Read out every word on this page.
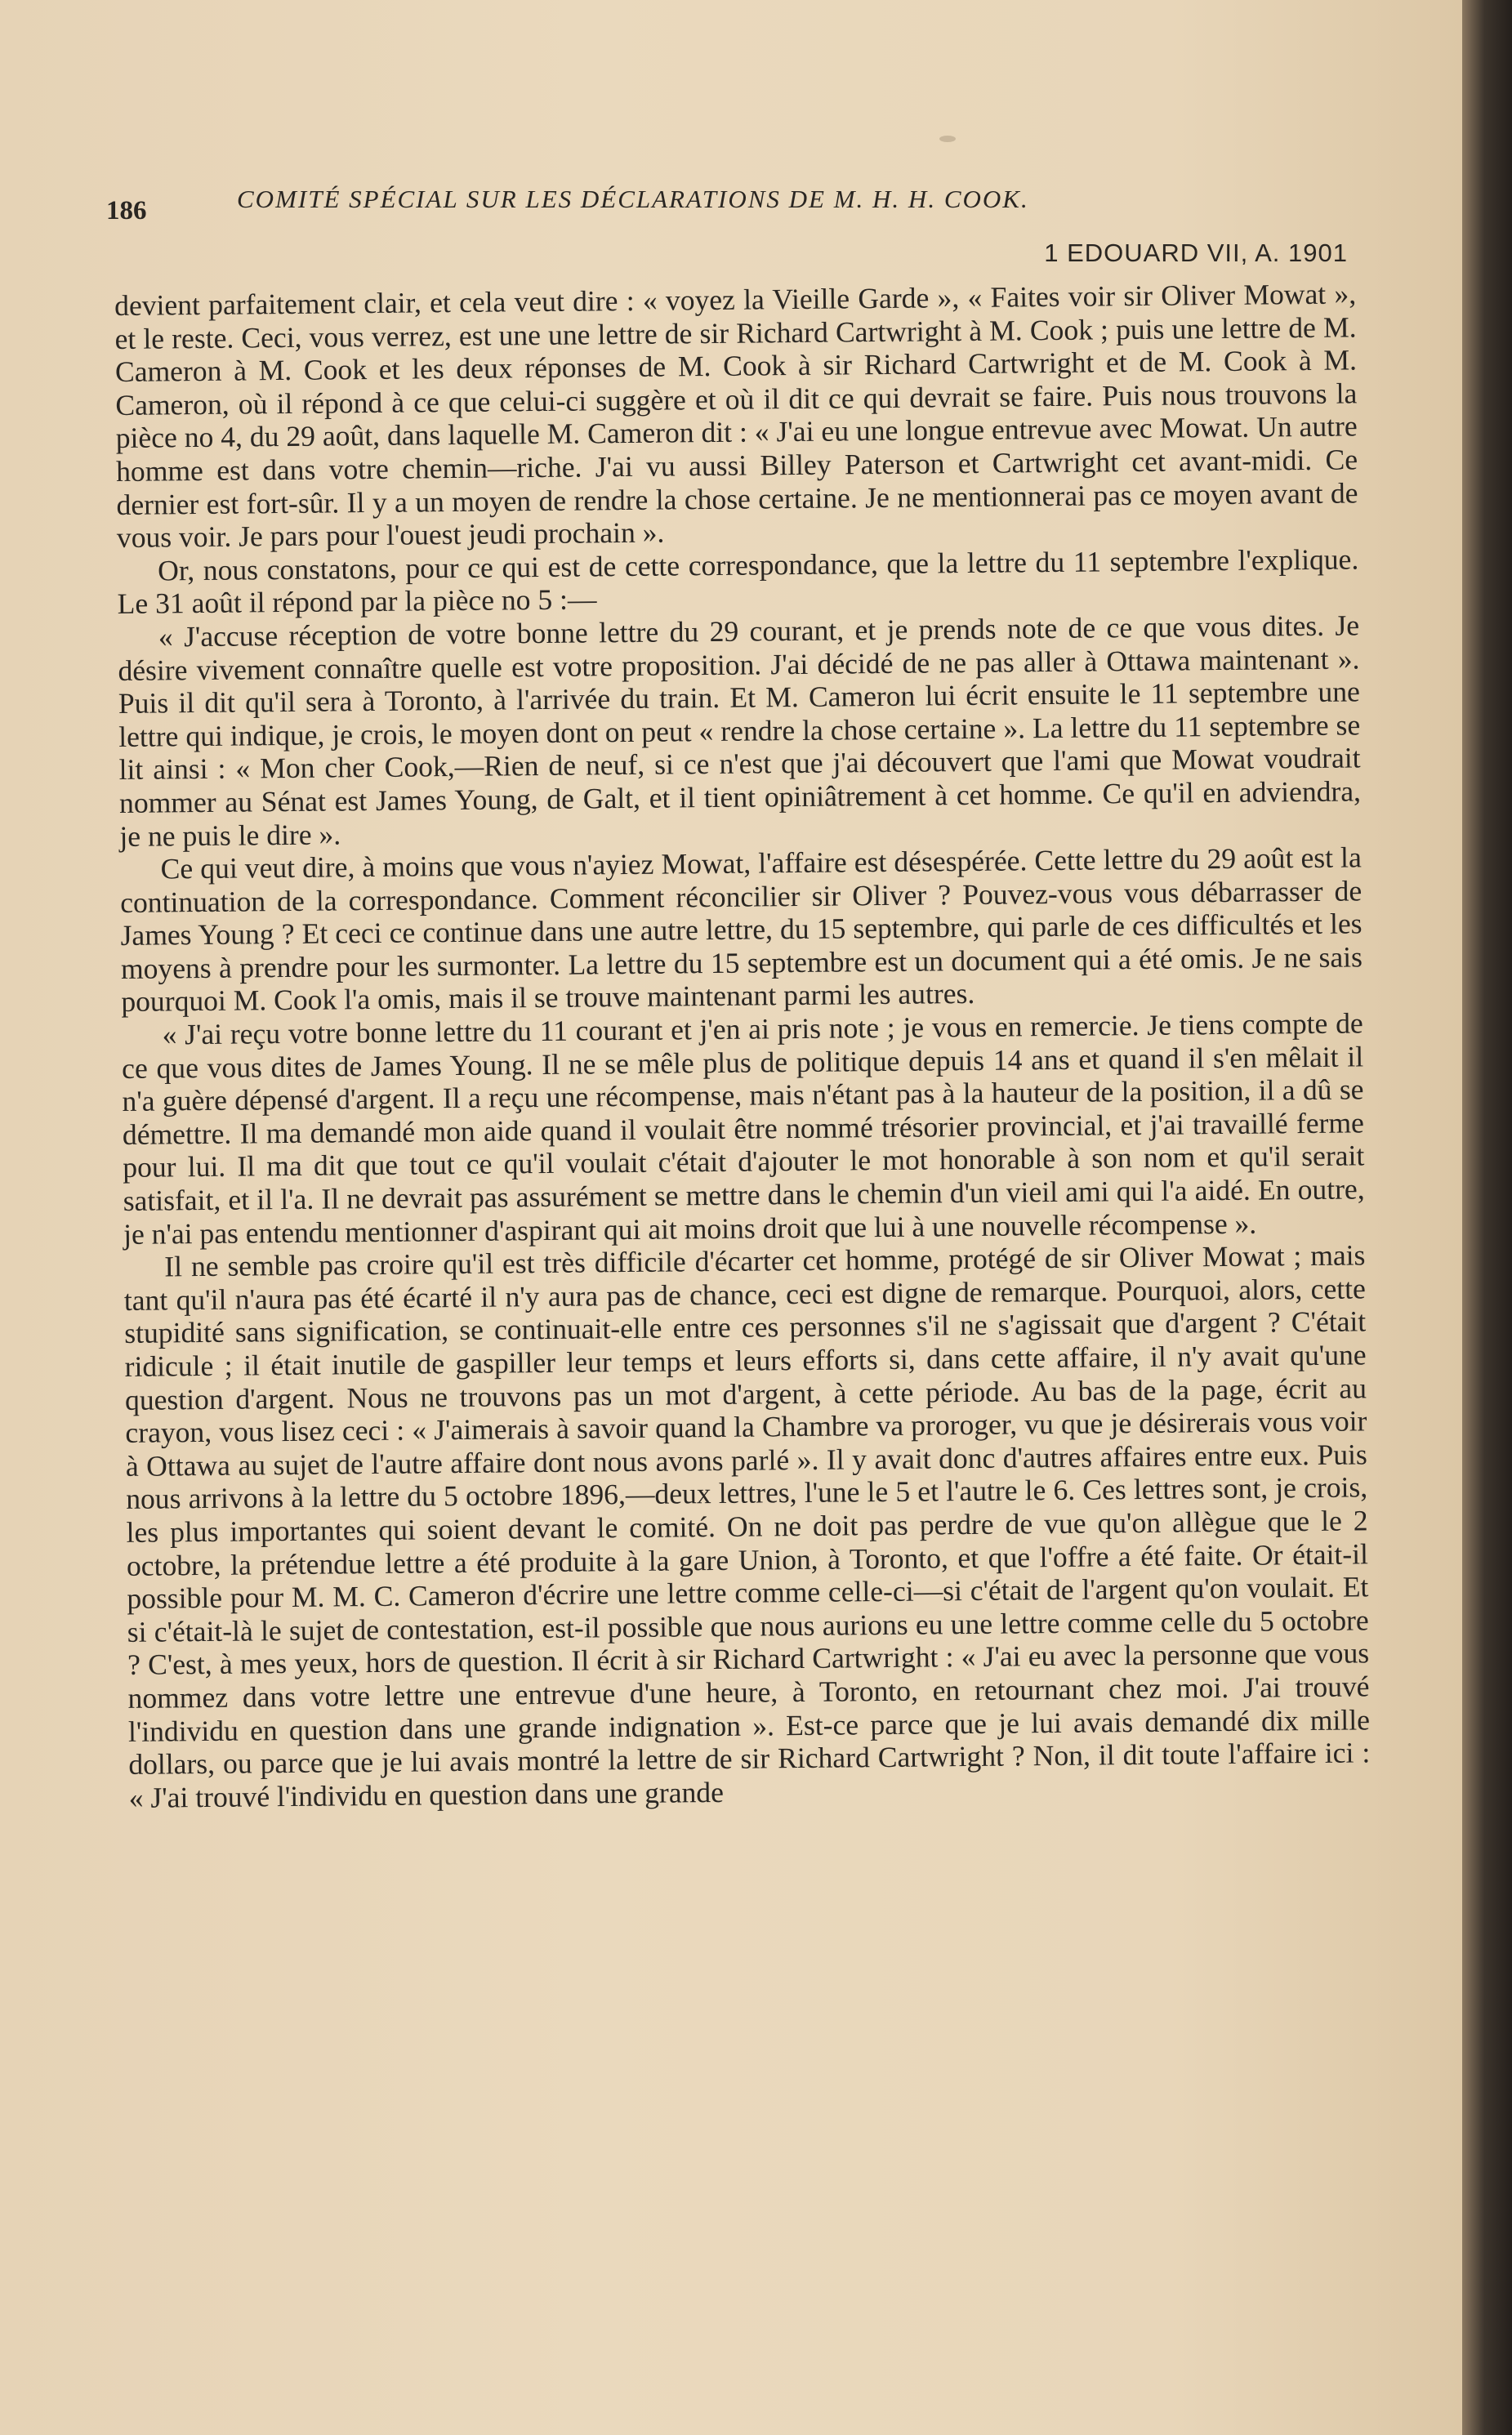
186	COMITÉ SPÉCIAL SUR LES DÉCLARATIONS DE M. H. H. COOK.
1 EDOUARD VII, A. 1901

devient parfaitement clair, et cela veut dire : « voyez la Vieille Garde », « Faites voir sir Oliver Mowat », et le reste. Ceci, vous verrez, est une une lettre de sir Richard Cartwright à M. Cook ; puis une lettre de M. Cameron à M. Cook et les deux réponses de M. Cook à sir Richard Cartwright et de M. Cook à M. Cameron, où il répond à ce que celui-ci suggère et où il dit ce qui devrait se faire. Puis nous trouvons la pièce no 4, du 29 août, dans laquelle M. Cameron dit : « J'ai eu une longue entrevue avec Mowat. Un autre homme est dans votre chemin—riche. J'ai vu aussi Billey Paterson et Cartwright cet avant-midi. Ce dernier est fort-sûr. Il y a un moyen de rendre la chose certaine. Je ne mentionnerai pas ce moyen avant de vous voir. Je pars pour l'ouest jeudi prochain ».

Or, nous constatons, pour ce qui est de cette correspondance, que la lettre du 11 septembre l'explique. Le 31 août il répond par la pièce no 5 :—

« J'accuse réception de votre bonne lettre du 29 courant, et je prends note de ce que vous dites. Je désire vivement connaître quelle est votre proposition. J'ai décidé de ne pas aller à Ottawa maintenant ». Puis il dit qu'il sera à Toronto, à l'arrivée du train. Et M. Cameron lui écrit ensuite le 11 septembre une lettre qui indique, je crois, le moyen dont on peut « rendre la chose certaine ». La lettre du 11 septembre se lit ainsi : « Mon cher Cook,—Rien de neuf, si ce n'est que j'ai découvert que l'ami que Mowat voudrait nommer au Sénat est James Young, de Galt, et il tient opiniâtrement à cet homme. Ce qu'il en adviendra, je ne puis le dire ».

Ce qui veut dire, à moins que vous n'ayiez Mowat, l'affaire est désespérée. Cette lettre du 29 août est la continuation de la correspondance. Comment réconcilier sir Oliver ? Pouvez-vous vous débarrasser de James Young ? Et ceci ce continue dans une autre lettre, du 15 septembre, qui parle de ces difficultés et les moyens à prendre pour les surmonter. La lettre du 15 septembre est un document qui a été omis. Je ne sais pourquoi M. Cook l'a omis, mais il se trouve maintenant parmi les autres.

« J'ai reçu votre bonne lettre du 11 courant et j'en ai pris note ; je vous en remercie. Je tiens compte de ce que vous dites de James Young. Il ne se mêle plus de politique depuis 14 ans et quand il s'en mêlait il n'a guère dépensé d'argent. Il a reçu une récompense, mais n'étant pas à la hauteur de la position, il a dû se démettre. Il ma demandé mon aide quand il voulait être nommé trésorier provincial, et j'ai travaillé ferme pour lui. Il ma dit que tout ce qu'il voulait c'était d'ajouter le mot honorable à son nom et qu'il serait satisfait, et il l'a. Il ne devrait pas assurément se mettre dans le chemin d'un vieil ami qui l'a aidé. En outre, je n'ai pas entendu mentionner d'aspirant qui ait moins droit que lui à une nouvelle récompense ».

Il ne semble pas croire qu'il est très difficile d'écarter cet homme, protégé de sir Oliver Mowat ; mais tant qu'il n'aura pas été écarté il n'y aura pas de chance, ceci est digne de remarque. Pourquoi, alors, cette stupidité sans signification, se continuait-elle entre ces personnes s'il ne s'agissait que d'argent ? C'était ridicule ; il était inutile de gaspiller leur temps et leurs efforts si, dans cette affaire, il n'y avait qu'une question d'argent. Nous ne trouvons pas un mot d'argent, à cette période. Au bas de la page, écrit au crayon, vous lisez ceci : « J'aimerais à savoir quand la Chambre va proroger, vu que je désirerais vous voir à Ottawa au sujet de l'autre affaire dont nous avons parlé ». Il y avait donc d'autres affaires entre eux. Puis nous arrivons à la lettre du 5 octobre 1896,—deux lettres, l'une le 5 et l'autre le 6. Ces lettres sont, je crois, les plus importantes qui soient devant le comité. On ne doit pas perdre de vue qu'on allègue que le 2 octobre, la prétendue lettre a été produite à la gare Union, à Toronto, et que l'offre a été faite. Or était-il possible pour M. M. C. Cameron d'écrire une lettre comme celle-ci—si c'était de l'argent qu'on voulait. Et si c'était-là le sujet de contestation, est-il possible que nous aurions eu une lettre comme celle du 5 octobre ? C'est, à mes yeux, hors de question. Il écrit à sir Richard Cartwright : « J'ai eu avec la personne que vous nommez dans votre lettre une entrevue d'une heure, à Toronto, en retournant chez moi. J'ai trouvé l'individu en question dans une grande indignation ». Est-ce parce que je lui avais demandé dix mille dollars, ou parce que je lui avais montré la lettre de sir Richard Cartwright ? Non, il dit toute l'affaire ici : « J'ai trouvé l'individu en question dans une grande
